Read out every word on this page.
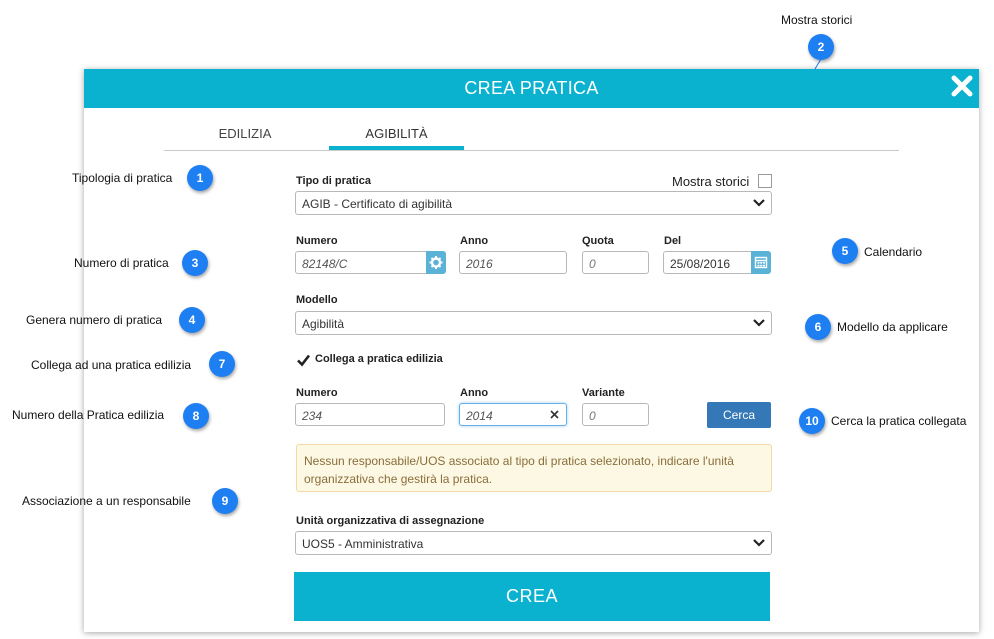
CREA PRATICA
EDILIZIA	AGIBILITÀ
Tipo di pratica	Mostra storici
AGIB - Certificato di agibilità
Numero	Anno	Quota	Del
82148/C	2016	0	25/08/2016
Modello
Agibilità
Collega a pratica edilizia
Numero	Anno	Variante
234	2014	0	Cerca
Nessun responsabile/UOS associato al tipo di pratica selezionato, indicare l'unità organizzativa che gestirà la pratica.
Unità organizzativa di assegnazione
UOS5 - Amministrativa
CREA
1
Tipologia di pratica
2
Mostra storici
3
Numero di pratica
4
Genera numero di pratica
5	Calendario
6	Modello da applicare
7
Collega ad una pratica edilizia
8
Numero della Pratica edilizia
9
Associazione a un responsabile
10	Cerca la pratica collegata
